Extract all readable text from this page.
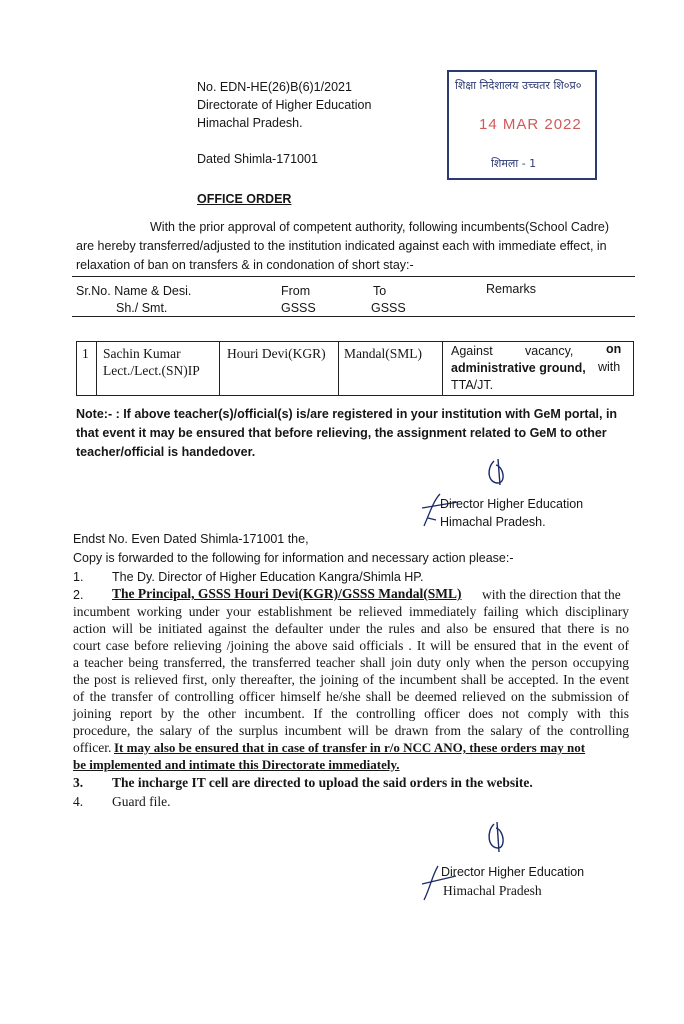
No. EDN-HE(26)B(6)1/2021
Directorate of Higher Education
Himachal Pradesh.
Dated Shimla-171001
शिक्षा निदेशालय उच्चतर शि०प्र०
14 MAR 2022
शिमला - 1
OFFICE ORDER
With the prior approval of competent authority, following incumbents(School Cadre)
are hereby transferred/adjusted to the institution indicated against each with immediate effect, in
relaxation of ban on transfers & in condonation of short stay:-
Sr.No. Name & Desi.
Sh./ Smt.
From
GSSS
To
GSSS
Remarks
1 Sachin Kumar
Lect./Lect.(SN)IP
Houri Devi(KGR) Mandal(SML) Against	vacancy,	on
administrative ground, with
TTA/JT.
Note:- : If above teacher(s)/official(s) is/are registered in your institution with GeM portal, in
that event it may be ensured that before relieving, the assignment related to GeM to other
teacher/official is handedover.
Director Higher Education
Himachal Pradesh.
Endst No. Even Dated Shimla-171001 the,
Copy is forwarded to the following for information and necessary action please:-
1. The Dy. Director of Higher Education Kangra/Shimla HP.
2. The Principal, GSSS Houri Devi(KGR)/GSSS Mandal(SML) with the direction that the
incumbent working under your establishment be relieved immediately failing which disciplinary
action will be initiated against the defaulter under the rules and also be ensured that there is no
court case before relieving /joining the above said officials . It will be ensured that in the event of
a teacher being transferred, the transferred teacher shall join duty only when the person occupying
the post is relieved first, only thereafter, the joining of the incumbent shall be accepted. In the event
of the transfer of controlling officer himself he/she shall be deemed relieved on the submission of
joining report by the other incumbent. If the controlling officer does not comply with this
procedure, the salary of the surplus incumbent will be drawn from the salary of the controlling
officer. It may also be ensured that in case of transfer in r/o NCC ANO, these orders may not
be implemented and intimate this Directorate immediately.
3. The incharge IT cell are directed to upload the said orders in the website.
4. Guard file.
Director Higher Education
Himachal Pradesh
